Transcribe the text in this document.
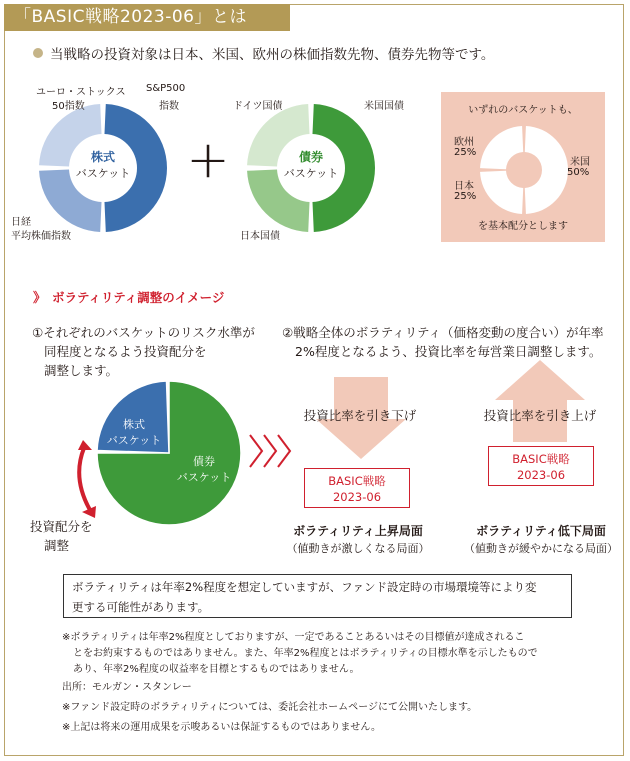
「BASIC戦略2023-06」とは
当戦略の投資対象は日本、米国、欧州の株価指数先物、債券先物等です。
株式
バスケット
ユーロ・ストックス
50指数
S&P500
指数
日経
平均株価指数
+	債券
バスケット
ドイツ国債	米国国債
日本国債
いずれのバスケットも、
欧州
25%
日本
25%
米国
50%
を基本配分とします
》 ボラティリティ調整のイメージ
①それぞれのバスケットのリスク水準が
同程度となるよう投資配分を
調整します。
②戦略全体のボラティリティ（価格変動の度合い）が年率
2%程度となるよう、投資比率を毎営業日調整します。
株式
バスケット
債券
バスケット
投資配分を
調整
投資比率を引き下げ
BASIC戦略
2023-06
ボラティリティ上昇局面
（値動きが激しくなる局面）
投資比率を引き上げ
BASIC戦略
2023-06
ボラティリティ低下局面
（値動きが緩やかになる局面）
ボラティリティは年率2%程度を想定していますが、ファンド設定時の市場環境等により変
更する可能性があります。
※ボラティリティは年率2%程度としておりますが、一定であることあるいはその目標値が達成されるこ
とをお約束するものではありません。また、年率2%程度とはボラティリティの目標水準を示したもので
あり、年率2%程度の収益率を目標とするものではありません。
出所：モルガン・スタンレー
※ファンド設定時のボラティリティについては、委託会社ホームページにて公開いたします。
※上記は将来の運用成果を示唆あるいは保証するものではありません。
